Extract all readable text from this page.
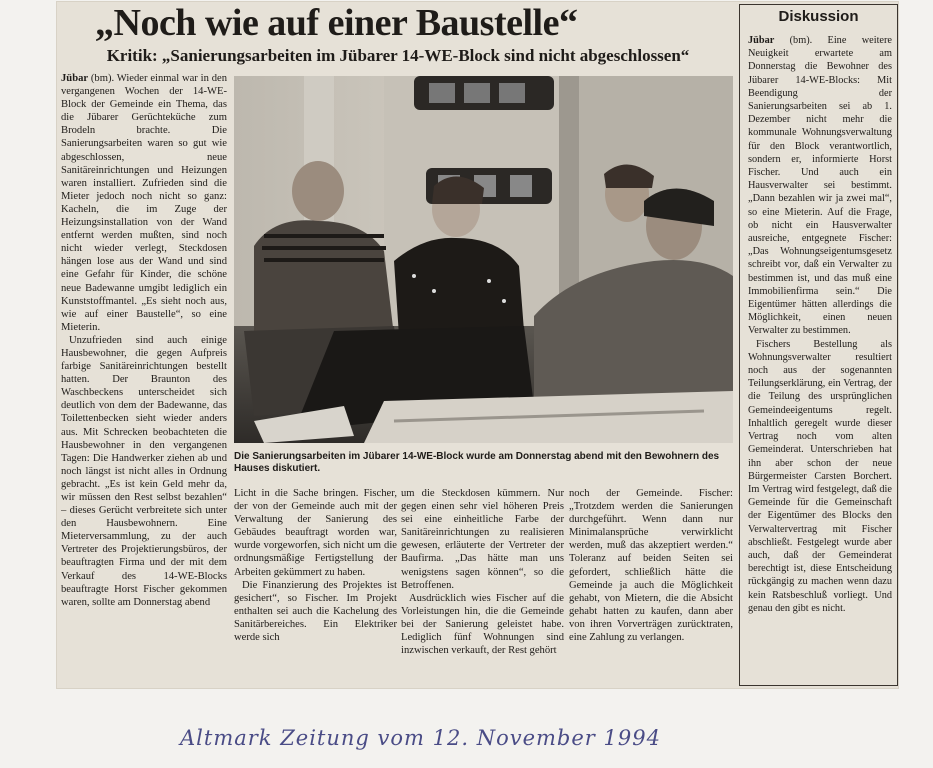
„Noch wie auf einer Baustelle“
Kritik: „Sanierungsarbeiten im Jübarer 14-WE-Block sind nicht abgeschlossen“

Jübar (bm). Wieder einmal war in den vergangenen Wochen der 14-WE-Block der Gemeinde ein Thema, das die Jübarer Gerüchteküche zum Brodeln brachte. Die Sanierungsarbeiten waren so gut wie abgeschlossen, neue Sanitäreinrichtungen und Heizungen waren installiert. Zufrieden sind die Mieter jedoch noch nicht so ganz: Kacheln, die im Zuge der Heizungsinstallation von der Wand entfernt werden mußten, sind noch nicht wieder verlegt, Steckdosen hängen lose aus der Wand und sind eine Gefahr für Kinder, die schöne neue Badewanne umgibt lediglich ein Kunststoffmantel. „Es sieht noch aus, wie auf einer Baustelle“, so eine Mieterin.

Unzufrieden sind auch einige Hausbewohner, die gegen Aufpreis farbige Sanitäreinrichtungen bestellt hatten. Der Braunton des Waschbeckens unterscheidet sich deutlich von dem der Badewanne, das Toilettenbecken sieht wieder anders aus. Mit Schrecken beobachteten die Hausbewohner in den vergangenen Tagen: Die Handwerker ziehen ab und noch längst ist nicht alles in Ordnung gebracht. „Es ist kein Geld mehr da, wir müssen den Rest selbst bezahlen“ – dieses Gerücht verbreitete sich unter den Hausbewohnern. Eine Mieterversammlung, zu der auch Vertreter des Projektierungsbüros, der beauftragten Firma und der mit dem Verkauf des 14-WE-Blocks beauftragte Horst Fischer gekommen waren, sollte am Donnerstag abend

Die Sanierungsarbeiten im Jübarer 14-WE-Block wurde am Donnerstag abend mit den Bewohnern des Hauses diskutiert.

Licht in die Sache bringen. Fischer, der von der Gemeinde auch mit der Verwaltung der Sanierung des Gebäudes beauftragt worden war, wurde vorgeworfen, sich nicht um die ordnungsmäßige Fertigstellung der Arbeiten gekümmert zu haben.

Die Finanzierung des Projektes ist gesichert“, so Fischer. Im Projekt enthalten sei auch die Kachelung des Sanitärbereiches. Ein Elektriker werde sich

um die Steckdosen kümmern. Nur gegen einen sehr viel höheren Preis sei eine einheitliche Farbe der Sanitäreinrichtungen zu realisieren gewesen, erläuterte der Vertreter der Baufirma. „Das hätte man uns wenigstens sagen können“, so die Betroffenen.

Ausdrücklich wies Fischer auf die Vorleistungen hin, die die Gemeinde bei der Sanierung geleistet habe. Lediglich fünf Wohnungen sind inzwischen verkauft, der Rest gehört

noch der Gemeinde. Fischer: „Trotzdem werden die Sanierungen durchgeführt. Wenn dann nur Minimalansprüche verwirklicht werden, muß das akzeptiert werden.“ Toleranz auf beiden Seiten sei gefordert, schließlich hätte die Gemeinde ja auch die Möglichkeit gehabt, von Mietern, die die Absicht gehabt hatten zu kaufen, dann aber von ihren Vorverträgen zurücktraten, eine Zahlung zu verlangen.

Diskussion

Jübar (bm). Eine weitere Neuigkeit erwartete am Donnerstag die Bewohner des Jübarer 14-WE-Blocks: Mit Beendigung der Sanierungsarbeiten sei ab 1. Dezember nicht mehr die kommunale Wohnungsverwaltung für den Block verantwortlich, sondern er, informierte Horst Fischer. Und auch ein Hausverwalter sei bestimmt. „Dann bezahlen wir ja zwei mal“, so eine Mieterin. Auf die Frage, ob nicht ein Hausverwalter ausreiche, entgegnete Fischer: „Das Wohnungseigentumsgesetz schreibt vor, daß ein Verwalter zu bestimmen ist, und das muß eine Immobilienfirma sein.“ Die Eigentümer hätten allerdings die Möglichkeit, einen neuen Verwalter zu bestimmen.

Fischers Bestellung als Wohnungsverwalter resultiert noch aus der sogenannten Teilungserklärung, ein Vertrag, der die Teilung des ursprünglichen Gemeindeeigentums regelt. Inhaltlich geregelt wurde dieser Vertrag noch vom alten Gemeinderat. Unterschrieben hat ihn aber schon der neue Bürgermeister Carsten Borchert. Im Vertrag wird festgelegt, daß die Gemeinde für die Gemeinschaft der Eigentümer des Blocks den Verwaltervertrag mit Fischer abschließt. Festgelegt wurde aber auch, daß der Gemeinderat berechtigt ist, diese Entscheidung rückgängig zu machen wenn dazu kein Ratsbeschluß vorliegt. Und genau den gibt es nicht.

Altmark Zeitung vom 12. November 1994
